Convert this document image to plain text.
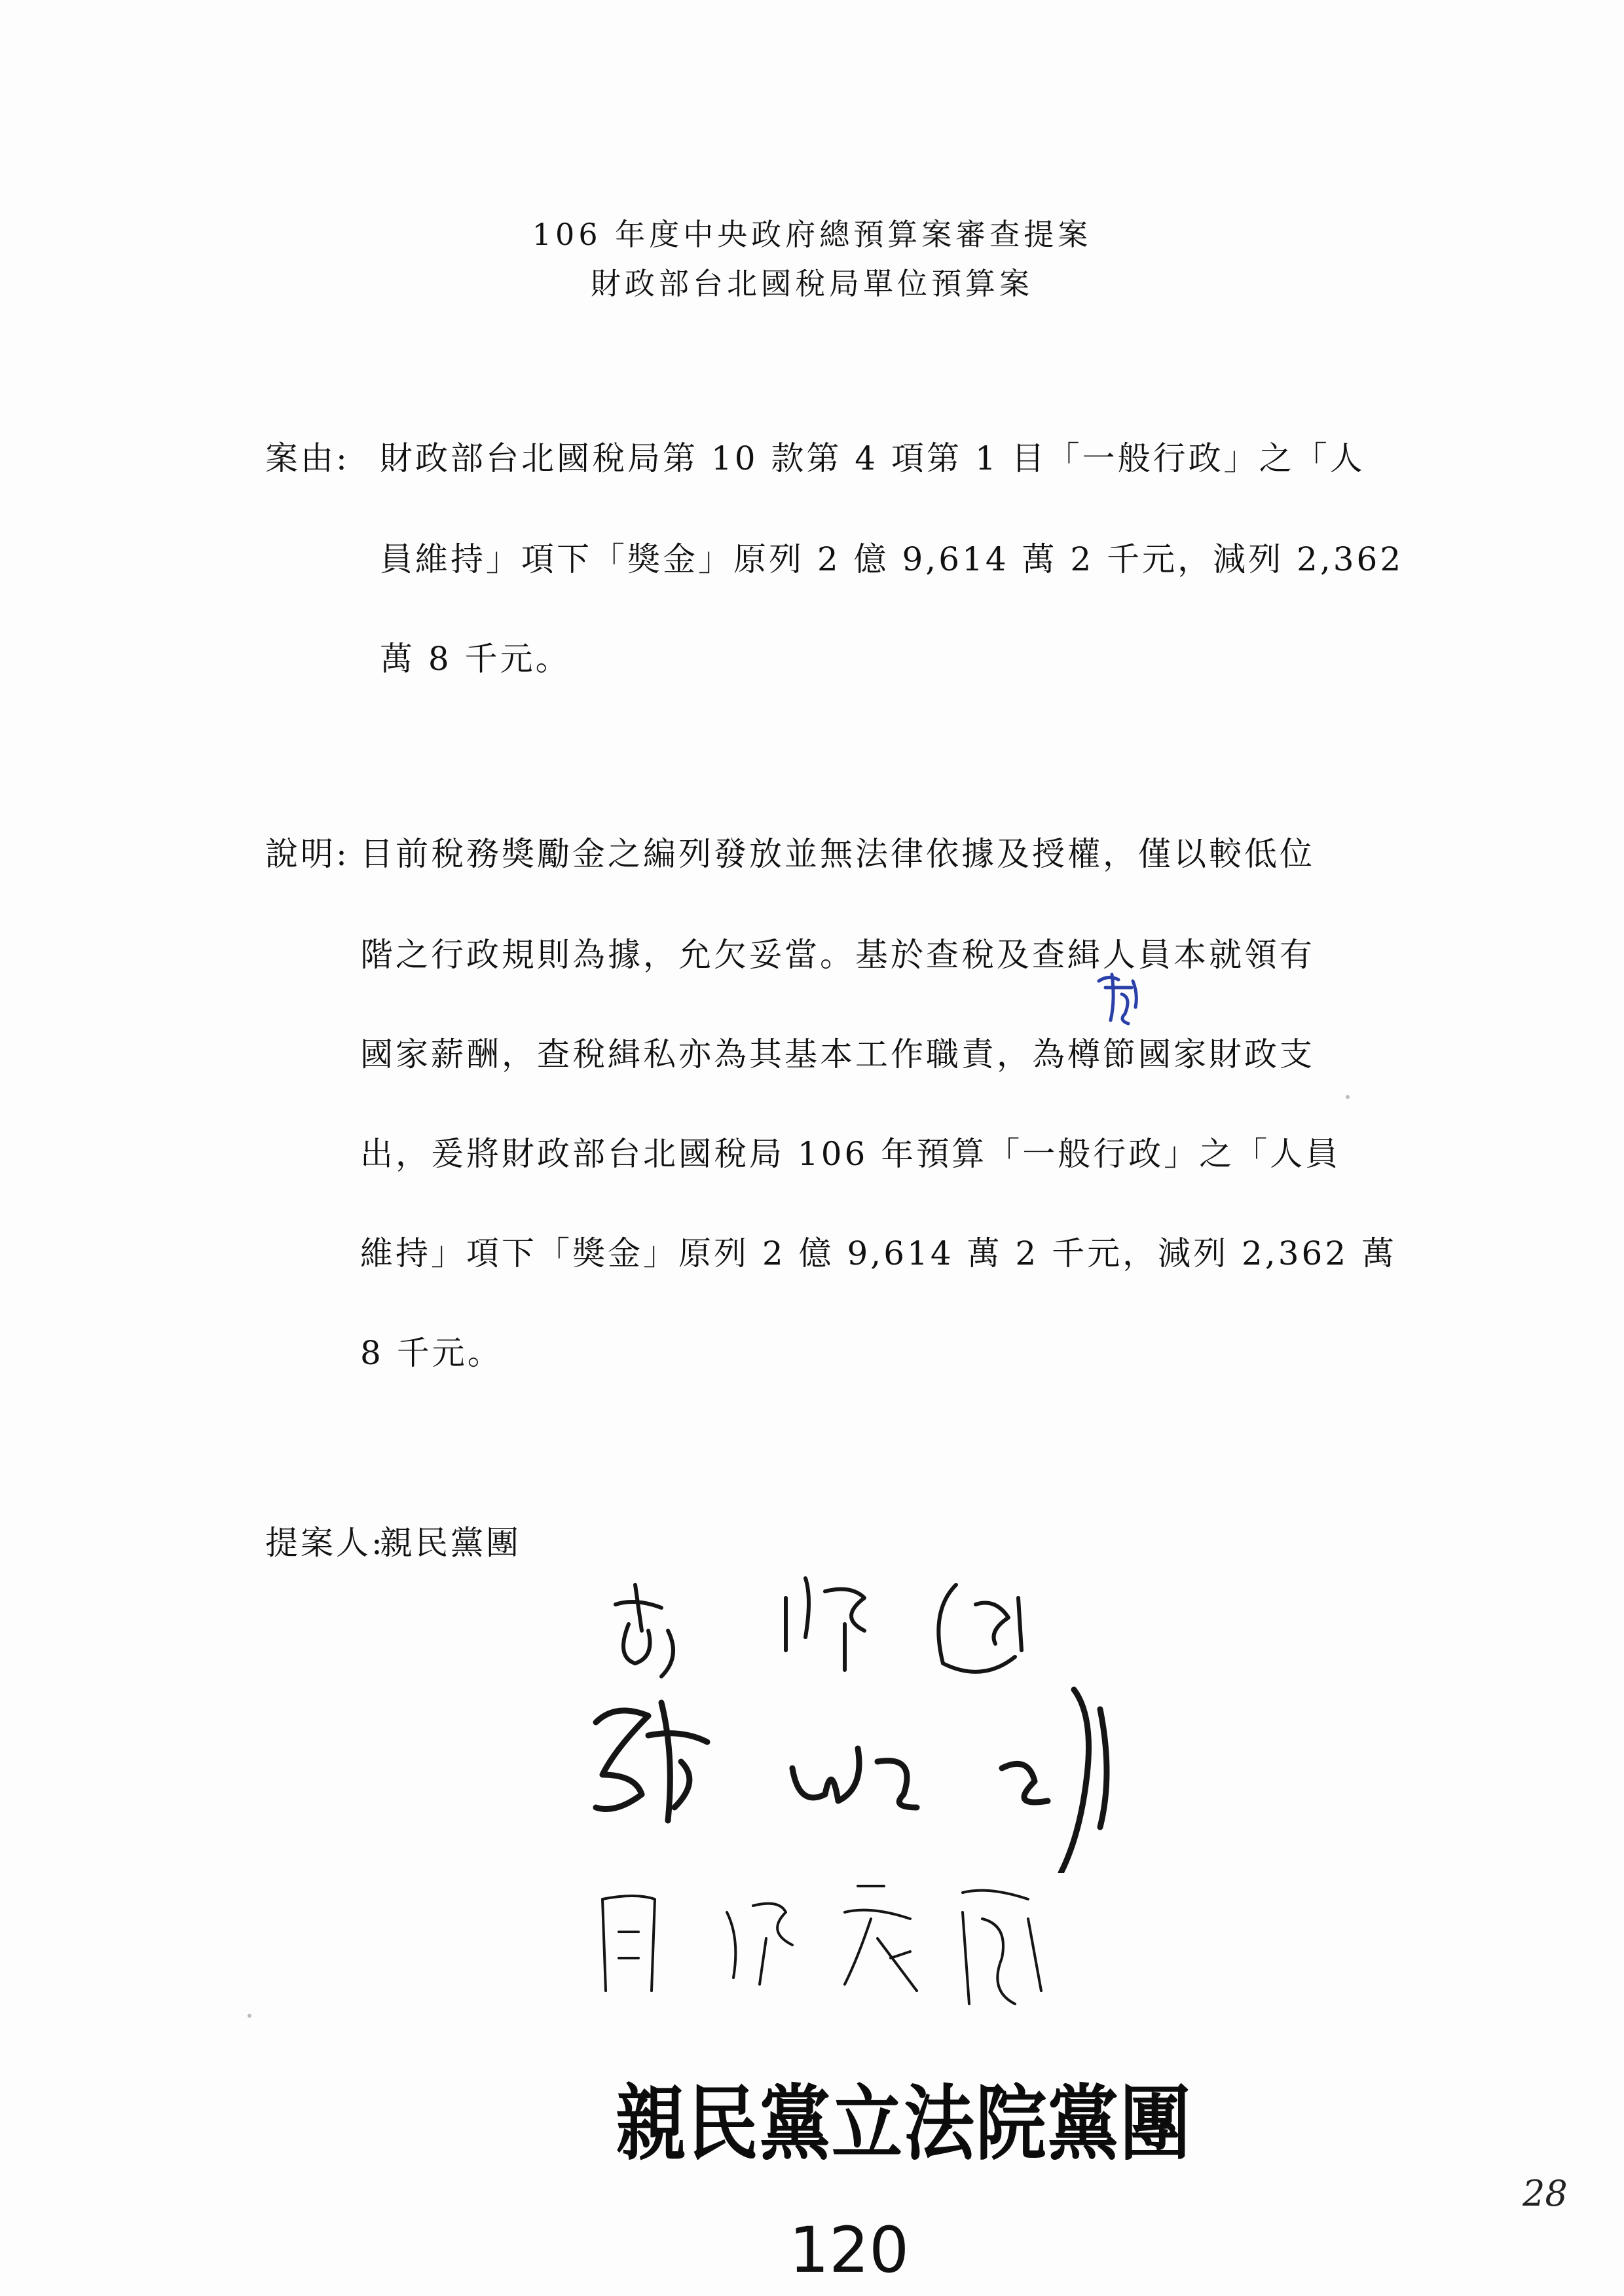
106 年度中央政府總預算案審查提案
財政部台北國稅局單位預算案
案由: 財政部台北國稅局第 10 款第 4 項第 1 目「一般行政」之「人
員維持」項下「獎金」原列 2 億 9,614 萬 2 千元，減列 2,362
萬 8 千元。
說明: 目前稅務獎勵金之編列發放並無法律依據及授權，僅以較低位
階之行政規則為據，允欠妥當。基於查稅及查緝人員本就領有
國家薪酬，查稅緝私亦為其基本工作職責，為樽節國家財政支
出，爰將財政部台北國稅局 106 年預算「一般行政」之「人員
維持」項下「獎金」原列 2 億 9,614 萬 2 千元，減列 2,362 萬
8 千元。
提案人:
親民黨團
親民黨立法院黨團
120
28
